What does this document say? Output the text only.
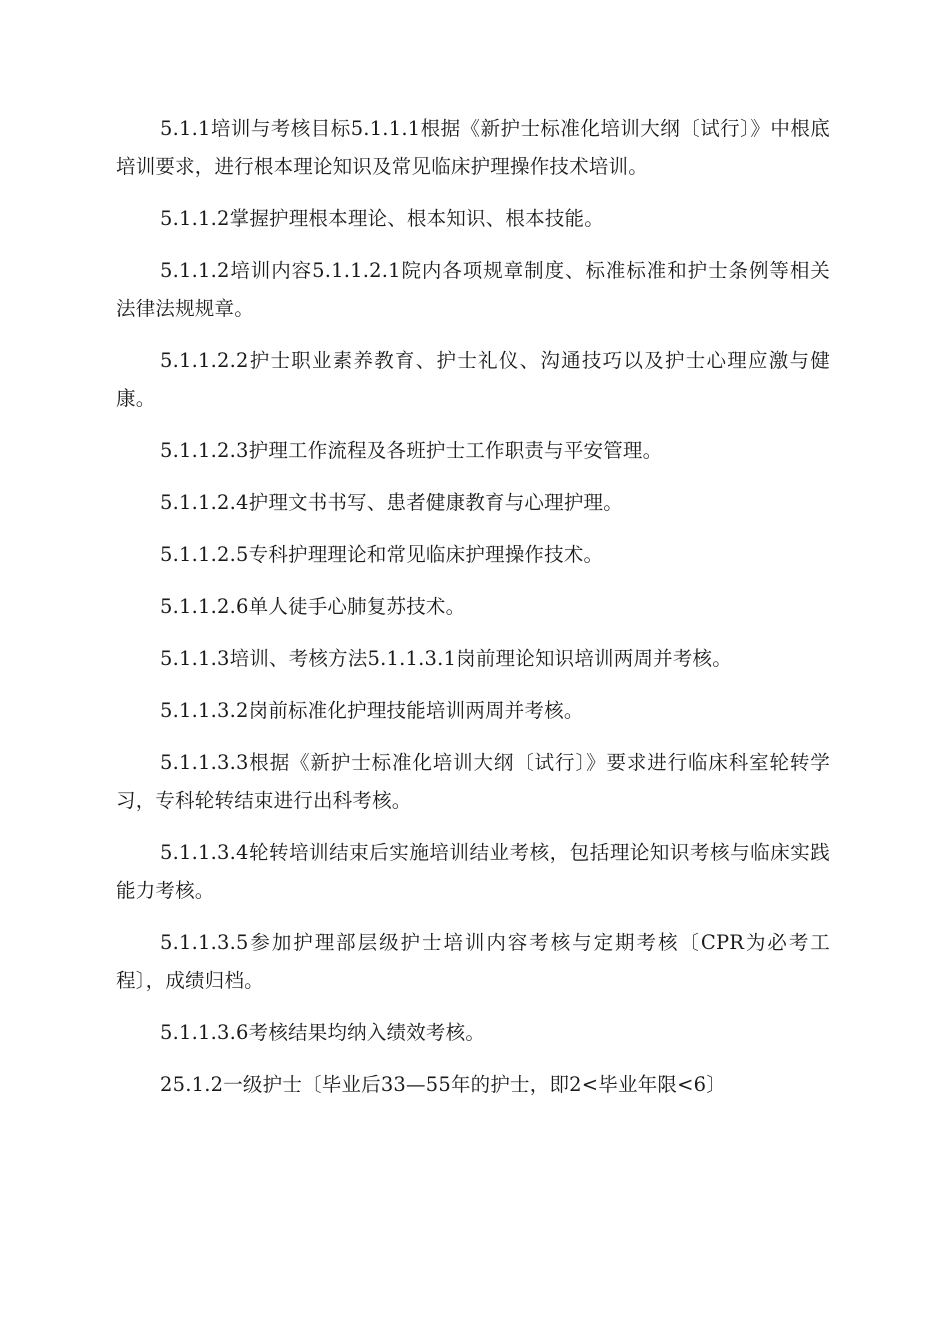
5.1.1培训与考核目标5.1.1.1根据《新护士标准化培训大纲〔试行〕》中根底培训要求，进行根本理论知识及常见临床护理操作技术培训。

5.1.1.2掌握护理根本理论、根本知识、根本技能。

5.1.1.2培训内容5.1.1.2.1院内各项规章制度、标准标准和护士条例等相关法律法规规章。

5.1.1.2.2护士职业素养教育、护士礼仪、沟通技巧以及护士心理应激与健康。

5.1.1.2.3护理工作流程及各班护士工作职责与平安管理。

5.1.1.2.4护理文书书写、患者健康教育与心理护理。

5.1.1.2.5专科护理理论和常见临床护理操作技术。

5.1.1.2.6单人徒手心肺复苏技术。

5.1.1.3培训、考核方法5.1.1.3.1岗前理论知识培训两周并考核。

5.1.1.3.2岗前标准化护理技能培训两周并考核。

5.1.1.3.3根据《新护士标准化培训大纲〔试行〕》要求进行临床科室轮转学习，专科轮转结束进行出科考核。

5.1.1.3.4轮转培训结束后实施培训结业考核，包括理论知识考核与临床实践能力考核。

5.1.1.3.5参加护理部层级护士培训内容考核与定期考核〔CPR为必考工程〕，成绩归档。

5.1.1.3.6考核结果均纳入绩效考核。

25.1.2一级护士〔毕业后33—55年的护士，即2<毕业年限<6〕
